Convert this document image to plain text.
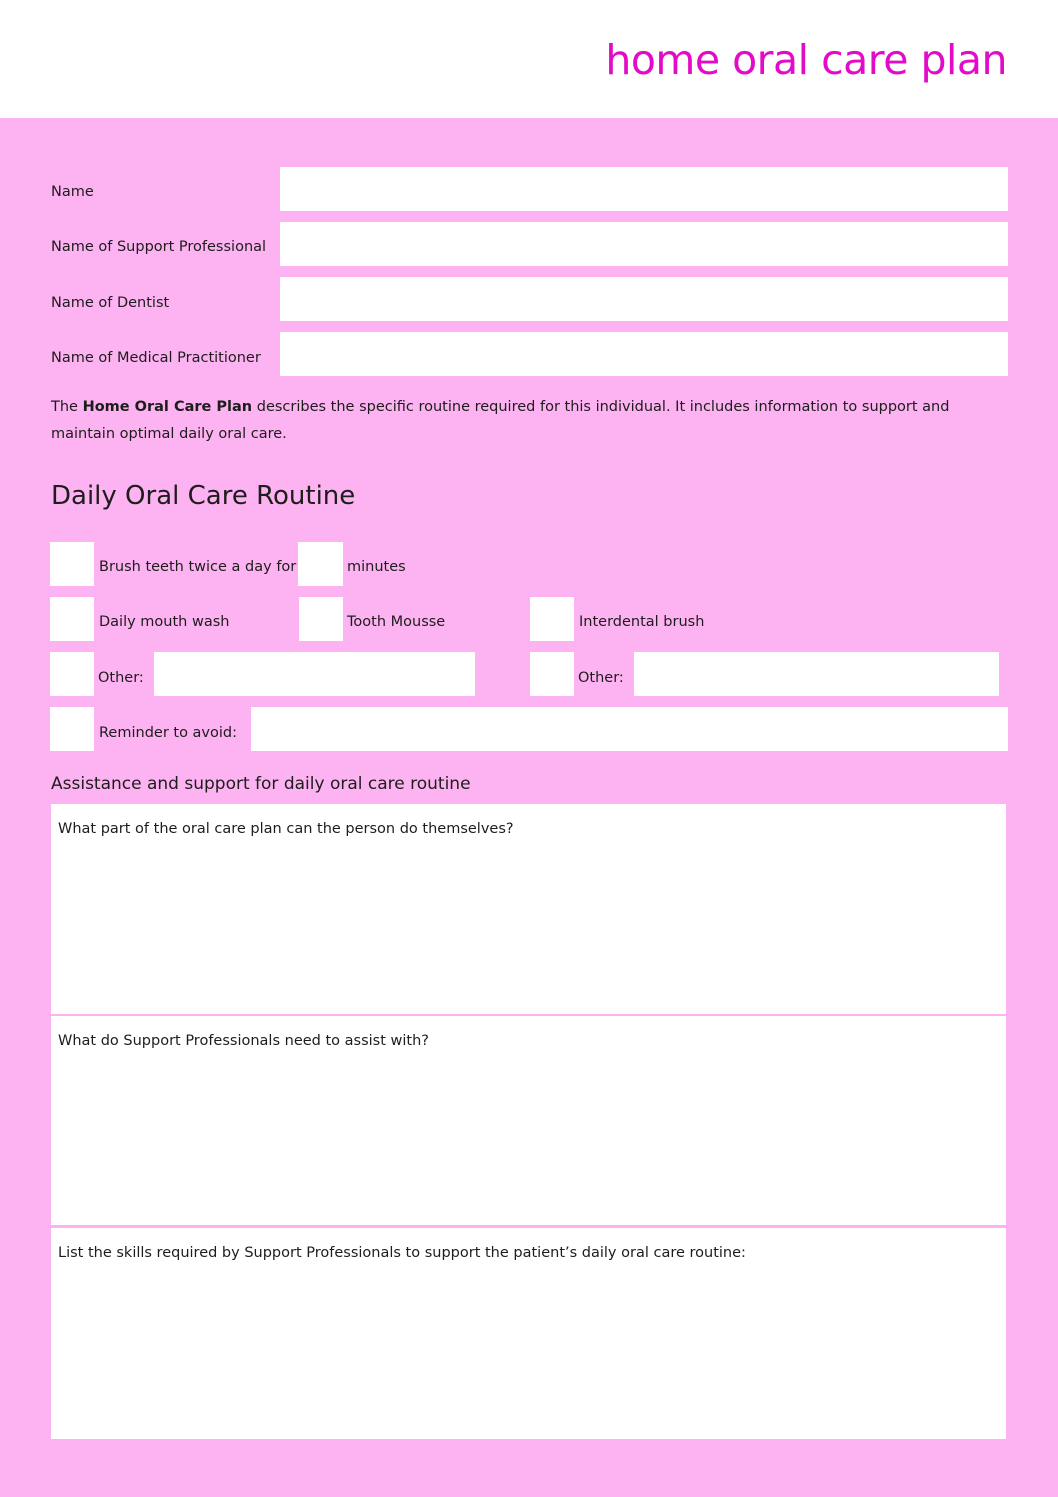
home oral care plan
Name
Name of Support Professional
Name of Dentist
Name of Medical Practitioner
The Home Oral Care Plan describes the specific routine required for this individual. It includes information to support and maintain optimal daily oral care.
Daily Oral Care Routine
Brush teeth twice a day for	minutes
Daily mouth wash	Tooth Mousse	Interdental brush
Other:	Other:
Reminder to avoid:
Assistance and support for daily oral care routine
What part of the oral care plan can the person do themselves?
What do Support Professionals need to assist with?
List the skills required by Support Professionals to support the patient’s daily oral care routine:
